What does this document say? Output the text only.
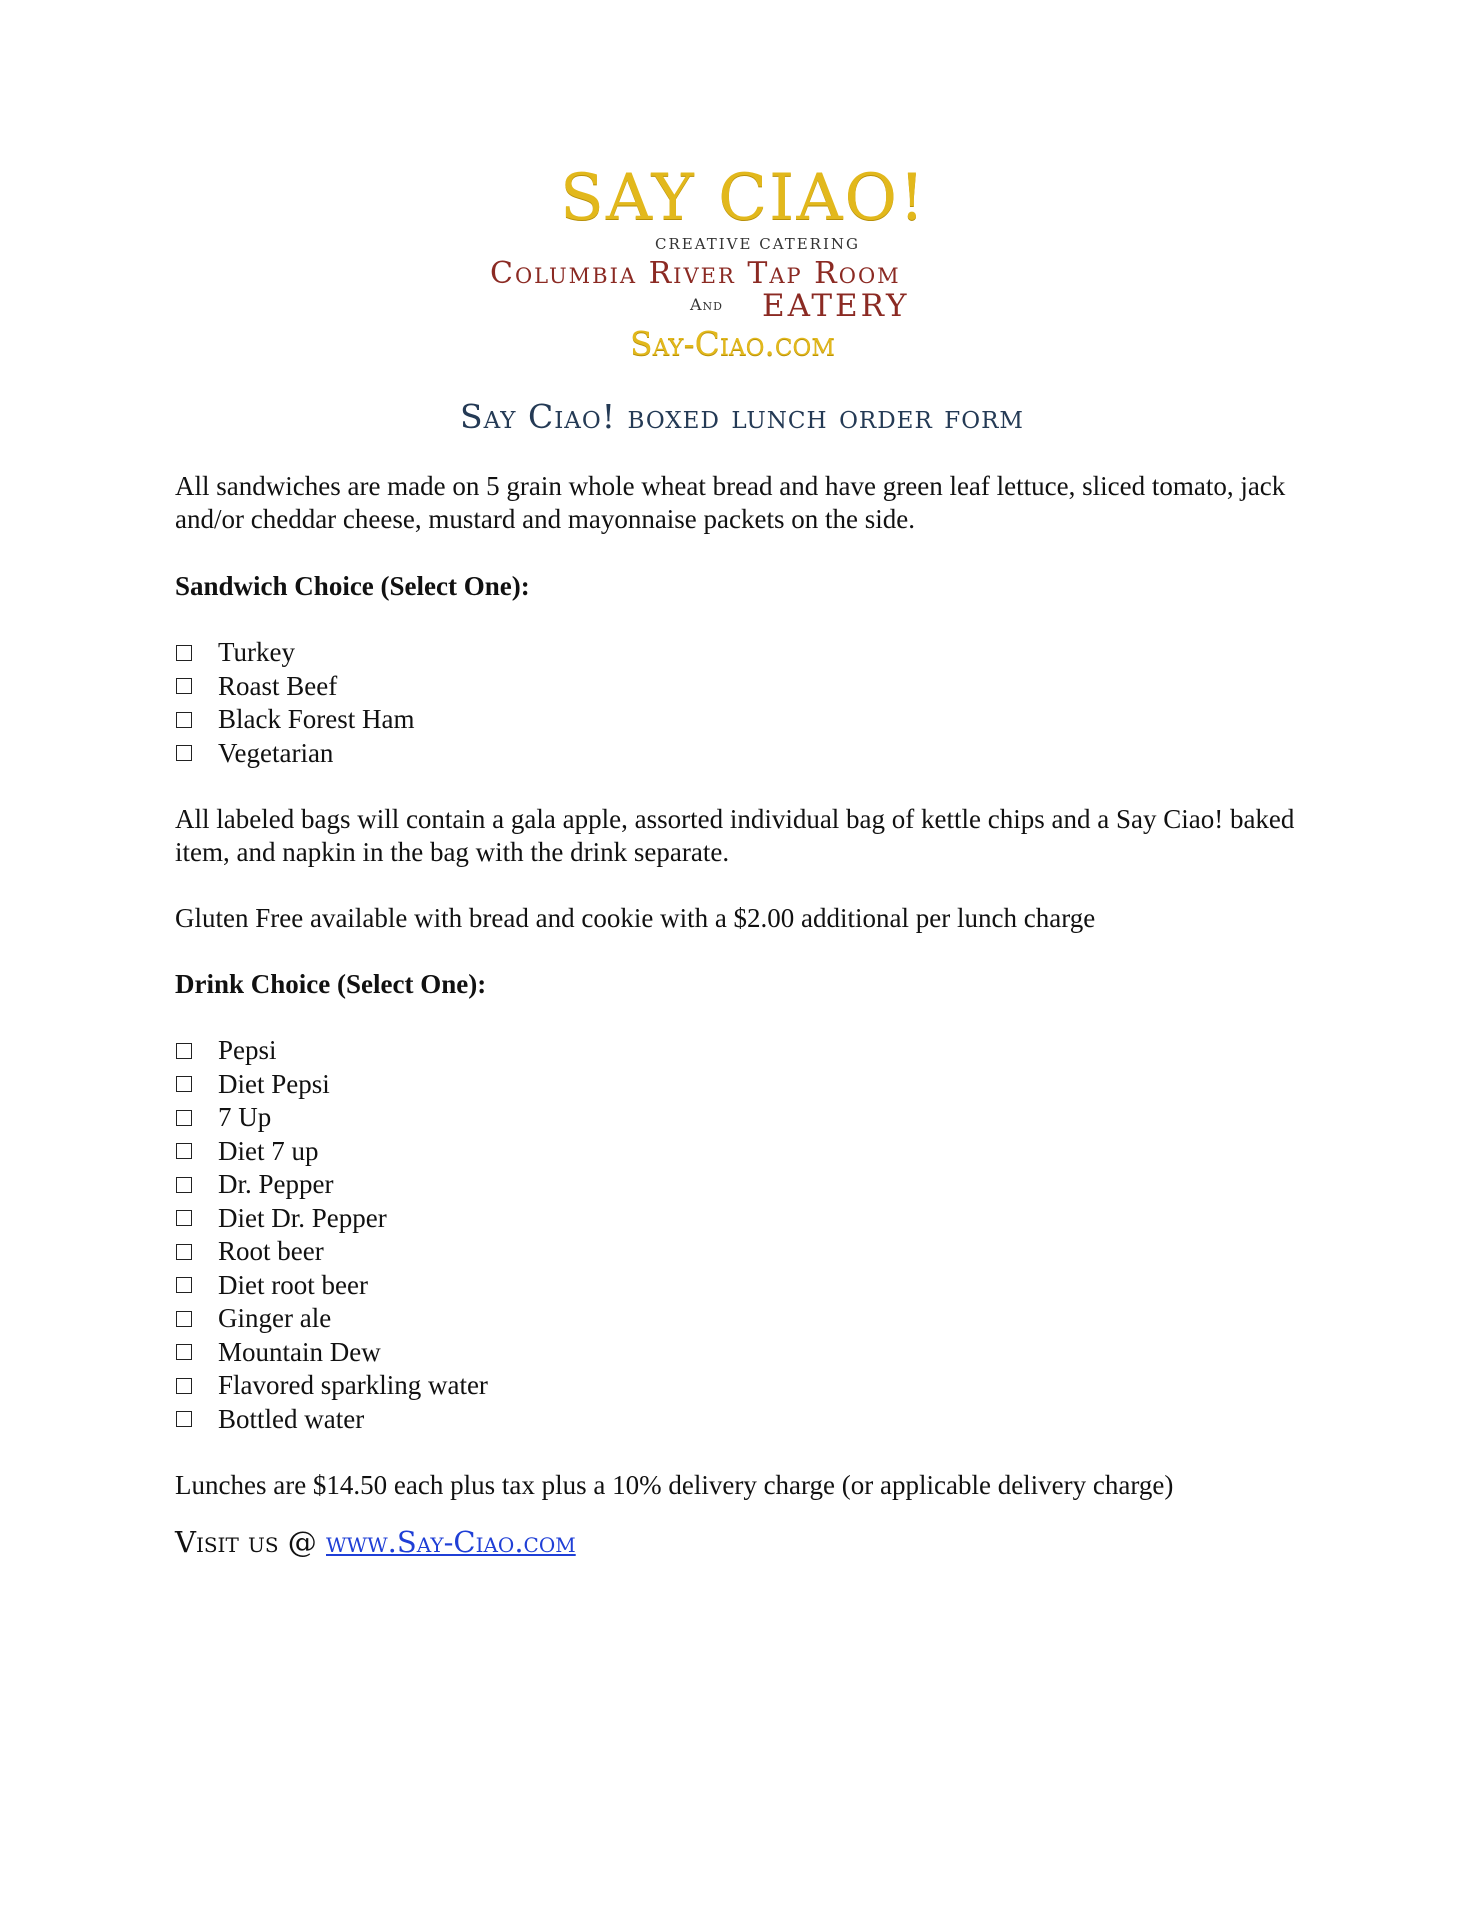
SAY CIAO!
CREATIVE CATERING
Columbia River Tap Room
And EATERY
Say-Ciao.com
Say Ciao! boxed lunch order form

All sandwiches are made on 5 grain whole wheat bread and have green leaf lettuce, sliced tomato, jack and/or cheddar cheese, mustard and mayonnaise packets on the side.

Sandwich Choice (Select One):

Turkey
Roast Beef
Black Forest Ham
Vegetarian

All labeled bags will contain a gala apple, assorted individual bag of kettle chips and a Say Ciao! baked item, and napkin in the bag with the drink separate.

Gluten Free available with bread and cookie with a $2.00 additional per lunch charge

Drink Choice (Select One):

Pepsi
Diet Pepsi
7 Up
Diet 7 up
Dr. Pepper
Diet Dr. Pepper
Root beer
Diet root beer
Ginger ale
Mountain Dew
Flavored sparkling water
Bottled water

Lunches are $14.50 each plus tax plus a 10% delivery charge (or applicable delivery charge)

Visit us @ www.Say-Ciao.com
